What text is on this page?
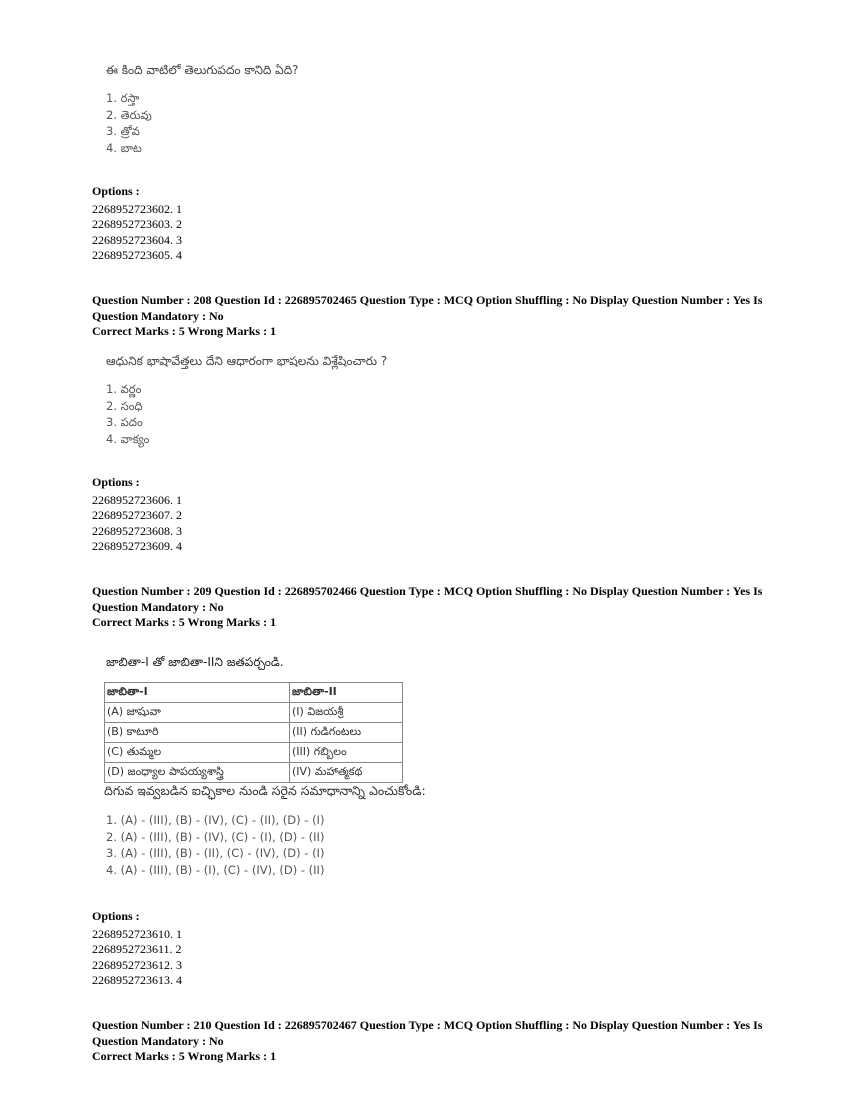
ఈ కింది వాటిలో తెలుగుపదం కానిది ఏది?
1. రస్తా
2. తెరువు
3. త్రోవ
4. బాట
Options :
2268952723602. 1
2268952723603. 2
2268952723604. 3
2268952723605. 4
Question Number : 208 Question Id : 226895702465 Question Type : MCQ Option Shuffling : No Display Question Number : Yes Is
Question Mandatory : No
Correct Marks : 5 Wrong Marks : 1
ఆధునిక భాషావేత్తలు దేని ఆధారంగా భాషలను విశ్లేషించారు ?
1. వర్ణం
2. సంధి
3. పదం
4. వాక్యం
Options :
2268952723606. 1
2268952723607. 2
2268952723608. 3
2268952723609. 4
Question Number : 209 Question Id : 226895702466 Question Type : MCQ Option Shuffling : No Display Question Number : Yes Is
Question Mandatory : No
Correct Marks : 5 Wrong Marks : 1
జాబితా-I తో జాబితా-IIని జతపర్చండి.
జాబితా-I	జాబితా-II
(A) జాషువా	(I) విజయశ్రీ
(B) కాటూరి	(II) గుడిగంటలు
(C) తుమ్మల	(III) గబ్బిలం
(D) జంధ్యాల పాపయ్యశాస్త్రి	(IV) మహాత్మకథ
దిగువ ఇవ్వబడిన ఐచ్ఛికాల నుండి సరైన సమాధానాన్ని ఎంచుకోండి:
1. (A) - (III), (B) - (IV), (C) - (II), (D) - (I)
2. (A) - (III), (B) - (IV), (C) - (I), (D) - (II)
3. (A) - (III), (B) - (II), (C) - (IV), (D) - (I)
4. (A) - (III), (B) - (I), (C) - (IV), (D) - (II)
Options :
2268952723610. 1
2268952723611. 2
2268952723612. 3
2268952723613. 4
Question Number : 210 Question Id : 226895702467 Question Type : MCQ Option Shuffling : No Display Question Number : Yes Is
Question Mandatory : No
Correct Marks : 5 Wrong Marks : 1
